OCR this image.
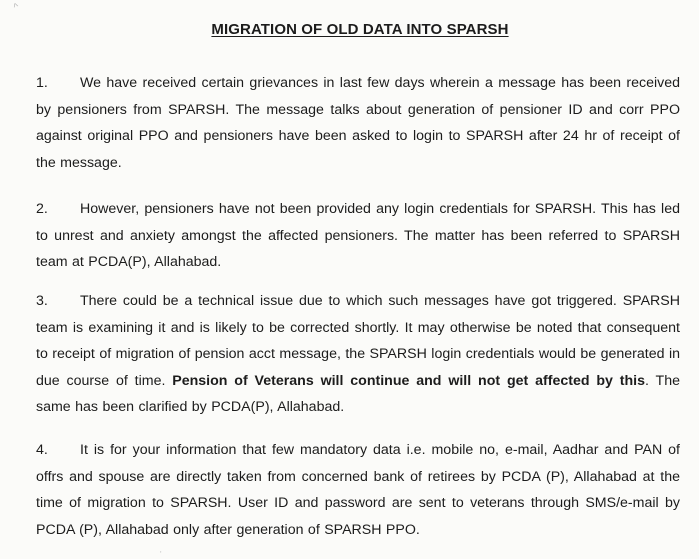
^
MIGRATION OF OLD DATA INTO SPARSH
1. We have received certain grievances in last few days wherein a message has been received by pensioners from SPARSH. The message talks about generation of pensioner ID and corr PPO against original PPO and pensioners have been asked to login to SPARSH after 24 hr of receipt of the message.
2. However, pensioners have not been provided any login credentials for SPARSH. This has led to unrest and anxiety amongst the affected pensioners. The matter has been referred to SPARSH team at PCDA(P), Allahabad.
3. There could be a technical issue due to which such messages have got triggered. SPARSH team is examining it and is likely to be corrected shortly. It may otherwise be noted that consequent to receipt of migration of pension acct message, the SPARSH login credentials would be generated in due course of time. Pension of Veterans will continue and will not get affected by this. The same has been clarified by PCDA(P), Allahabad.
4. It is for your information that few mandatory data i.e. mobile no, e-mail, Aadhar and PAN of offrs and spouse are directly taken from concerned bank of retirees by PCDA (P), Allahabad at the time of migration to SPARSH. User ID and password are sent to veterans through SMS/e-mail by PCDA (P), Allahabad only after generation of SPARSH PPO.
'
